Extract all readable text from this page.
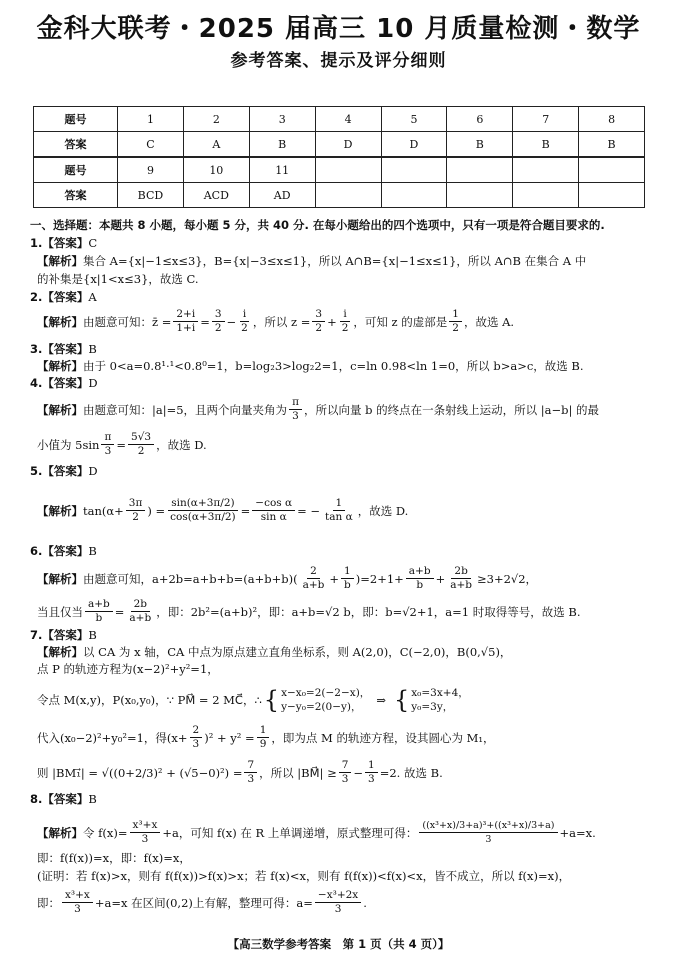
金科大联考・2025 届高三 10 月质量检测・数学
参考答案、提示及评分细则
题号	1	2	3	4	5	6	7	8
答案	C	A	B	D	D	B	B	B
题号	9	10	11					
答案	BCD	ACD	AD					
一、选择题：本题共 8 小题，每小题 5 分，共 40 分. 在每小题给出的四个选项中，只有一项是符合题目要求的.
1.【答案】C
【解析】集合 A={x|−1≤x≤3}，B={x|−3≤x≤1}，所以 A∩B={x|−1≤x≤1}，所以 A∩B 在集合 A 中
的补集是{x|1<x≤3}，故选 C.
2.【答案】A
【解析】 由题意可知：z̄ = $\frac{2+i}{1+i} = \frac{3}{2} - \frac{i}{2}$ ，所以 $z = \frac{3}{2} + \frac{i}{2}$ ，可知 z 的虚部是 $\frac{1}{2}$ ，故选 A.
3.【答案】B
【解析】由于 0<a=0.8¹·¹<0.8⁰=1，b=log₂3>log₂2=1，c=ln 0.98<ln 1=0，所以 b>a>c，故选 B.
4.【答案】D
【解析】 由题意可知：|a|=5，且两个向量夹角为 $\frac{\pi}{3}$ ，所以向量 b 的终点在一条射线上运动，所以 |a−b| 的最
小值为 $5\sin \frac{\pi}{3} = \frac{5√3}{2}$ ，故选 D.
5.【答案】D
【解析】 $\tan(\alpha+ \frac{3\pi}{2}$ ) = $\frac{\sin(\alpha+3\pi/2)}{\cos(\alpha+3\pi/2)} = \frac{\text{−cos α}}{\text{sin α}}$ = − $\frac{1}{\text{tan α}}$ ，故选 D.
6.【答案】B
【解析】 由题意可知，$a+2b=a+b+b=(a+b+b)( \frac{2}{a+b} + \frac{1}{b} )=2+1+ \frac{a+b}{b} + \frac{2b}{a+b} \ge 3+2√2$，
当且仅当 $\frac{a+b}{b} = \frac{2b}{a+b}$ ，即：2b²=(a+b)²，即：a+b=√2 b，即：b=√2+1，a=1 时取得等号，故选 B.
7.【答案】B
【解析】以 CA 为 x 轴，CA 中点为原点建立直角坐标系，则 A(2,0)，C(−2,0)，B(0,√5)，
点 P 的轨迹方程为(x−2)²+y²=1，
令点 M(x,y)，P(x₀,y₀)，∵ PM⃗ = 2 MC⃗，∴ { x−x₀=2(−2−x)，
y−y₀=2(0−y)，	⇒ { x₀=3x+4，
y₀=3y，
代入(x₀−2)²+y₀²=1，得$(x+ \frac{2}{3} )^2 + y^2 = \frac{1}{9}$ ，即为点 M 的轨迹方程，设其圆心为 M₁，
则 |BM₁⃗| = $√((0+2/3)^2 + (√5-0)^2) = \frac{7}{3}$ ，所以 |BM⃗| ≥ $\frac{7}{3} - \frac{1}{3} =2$. 故选 B.
8.【答案】B
【解析】 令 $f(x)= \frac{\text{x³+x}}{3} +a$，可知 f(x) 在 R 上单调递增，原式整理可得： $\frac{\text{((x³+x)/3+a)³+((x³+x)/3+a)}}{3} +a=x$.
即：f(f(x))=x，即：f(x)=x，
(证明：若 f(x)>x，则有 f(f(x))>f(x)>x；若 f(x)<x，则有 f(f(x))<f(x)<x，皆不成立，所以 f(x)=x)，
即： $\frac{\text{x³+x}}{3} +a=x$ 在区间(0,2)上有解，整理可得：$a= \frac{\text{−x³+2x}}{3}$ .
【高三数学参考答案　第 1 页（共 4 页）】
